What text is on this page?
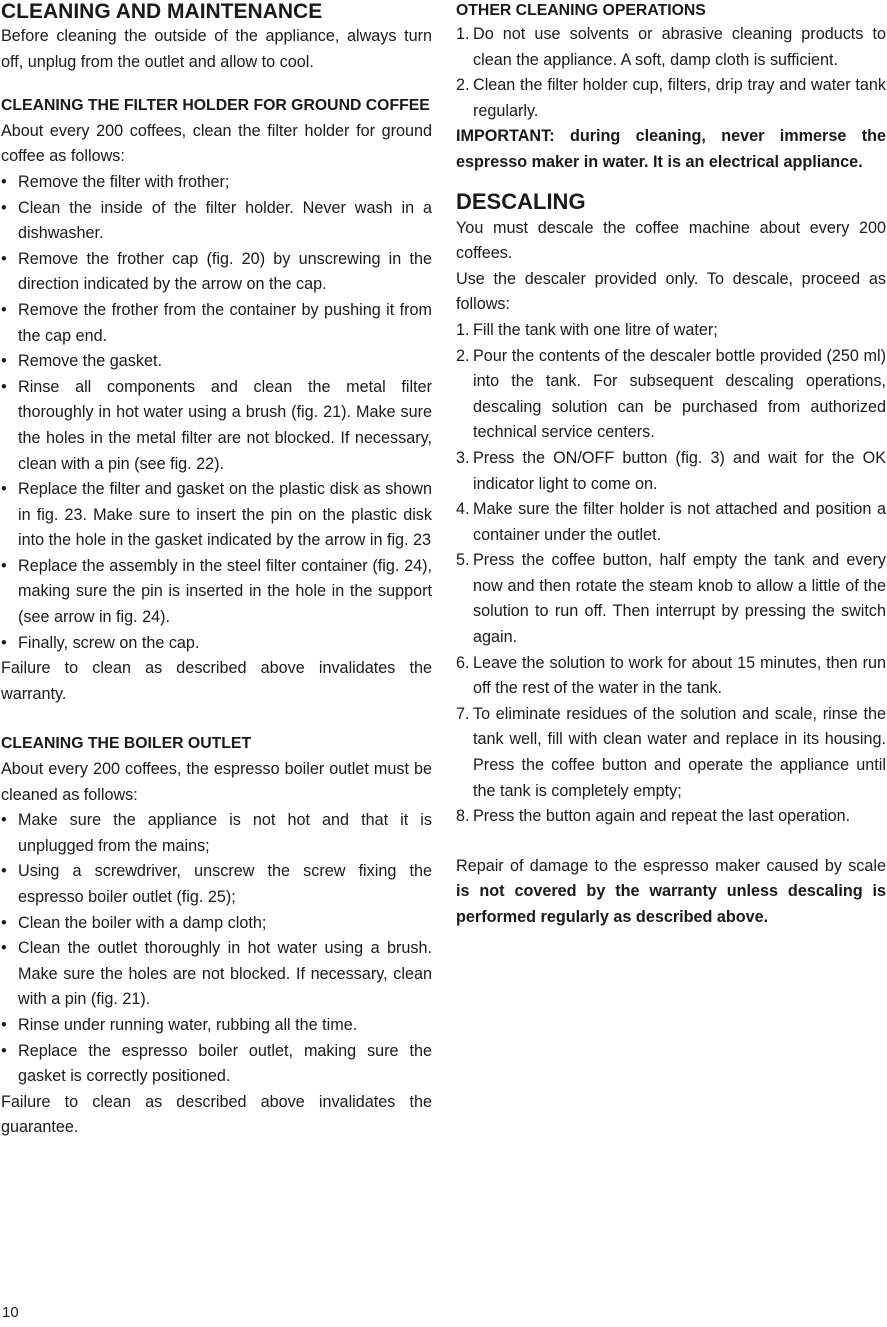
CLEANING AND MAINTENANCE

Before cleaning the outside of the appliance, always turn off, unplug from the outlet and allow to cool.

CLEANING THE FILTER HOLDER FOR GROUND COFFEE

About every 200 coffees, clean the filter holder for ground coffee as follows:

• Remove the filter with frother;
• Clean the inside of the filter holder. Never wash in a dishwasher.
• Remove the frother cap (fig. 20) by unscrewing in the direction indicated by the arrow on the cap.
• Remove the frother from the container by pushing it from the cap end.
• Remove the gasket.
• Rinse all components and clean the metal filter thoroughly in hot water using a brush (fig. 21). Make sure the holes in the metal filter are not blocked. If necessary, clean with a pin (see fig. 22).
• Replace the filter and gasket on the plastic disk as shown in fig. 23. Make sure to insert the pin on the plastic disk into the hole in the gasket indicated by the arrow in fig. 23
• Replace the assembly in the steel filter container (fig. 24), making sure the pin is inserted in the hole in the support (see arrow in fig. 24).
• Finally, screw on the cap.

Failure to clean as described above invalidates the warranty.

CLEANING THE BOILER OUTLET

About every 200 coffees, the espresso boiler outlet must be cleaned as follows:

• Make sure the appliance is not hot and that it is unplugged from the mains;
• Using a screwdriver, unscrew the screw fixing the espresso boiler outlet (fig. 25);
• Clean the boiler with a damp cloth;
• Clean the outlet thoroughly in hot water using a brush. Make sure the holes are not blocked. If necessary, clean with a pin (fig. 21).
• Rinse under running water, rubbing all the time.
• Replace the espresso boiler outlet, making sure the gasket is correctly positioned.

Failure to clean as described above invalidates the guarantee.

OTHER CLEANING OPERATIONS
1. Do not use solvents or abrasive cleaning products to clean the appliance. A soft, damp cloth is sufficient.
2. Clean the filter holder cup, filters, drip tray and water tank regularly.

IMPORTANT: during cleaning, never immerse the espresso maker in water. It is an electrical appliance.

DESCALING

You must descale the coffee machine about every 200 coffees.

Use the descaler provided only. To descale, proceed as follows:

1. Fill the tank with one litre of water;
2. Pour the contents of the descaler bottle provided (250 ml) into the tank. For subsequent descaling operations, descaling solution can be purchased from authorized technical service centers.
3. Press the ON/OFF button (fig. 3) and wait for the OK indicator light to come on.
4. Make sure the filter holder is not attached and position a container under the outlet.
5. Press the coffee button, half empty the tank and every now and then rotate the steam knob to allow a little of the solution to run off. Then interrupt by pressing the switch again.
6. Leave the solution to work for about 15 minutes, then run off the rest of the water in the tank.
7. To eliminate residues of the solution and scale, rinse the tank well, fill with clean water and replace in its housing. Press the coffee button and operate the appliance until the tank is completely empty;
8. Press the button again and repeat the last operation.

Repair of damage to the espresso maker caused by scale is not covered by the warranty unless descaling is performed regularly as described above.

10
